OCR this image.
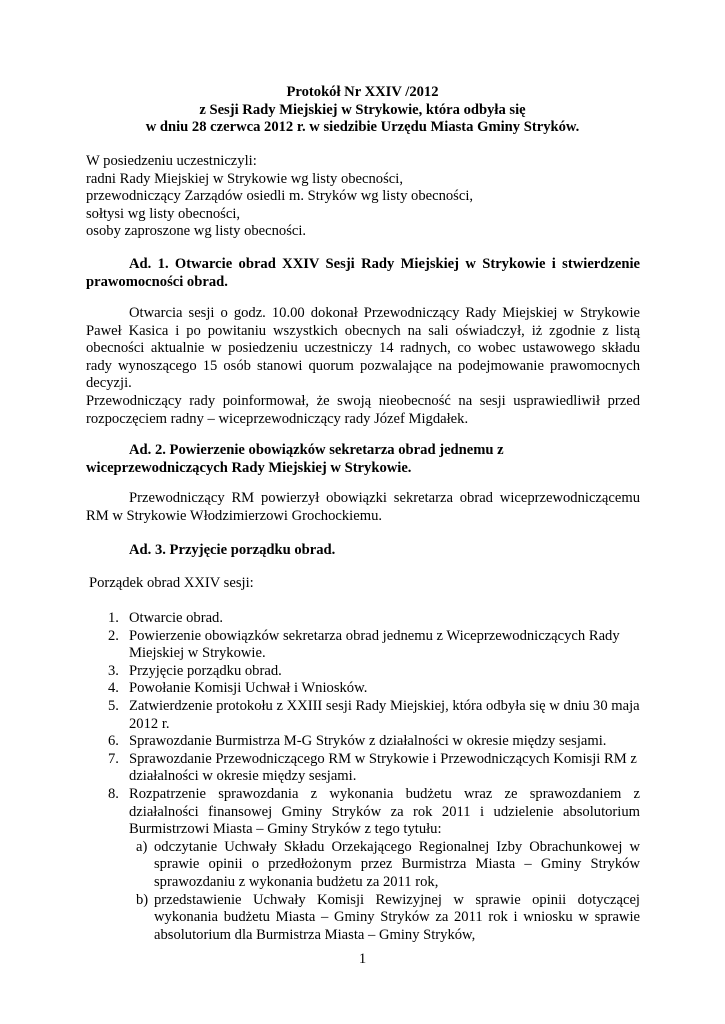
Protokół Nr XXIV /2012
z Sesji Rady Miejskiej w Strykowie, która odbyła się
w dniu 28 czerwca 2012 r. w siedzibie Urzędu Miasta Gminy Stryków.
W posiedzeniu uczestniczyli:
radni Rady Miejskiej w Strykowie wg listy obecności,
przewodniczący Zarządów osiedli m. Stryków wg listy obecności,
sołtysi wg listy obecności,
osoby zaproszone wg listy obecności.
Ad. 1. Otwarcie obrad XXIV Sesji Rady Miejskiej w Strykowie i stwierdzenie prawomocności obrad.
Otwarcia sesji o godz. 10.00 dokonał Przewodniczący Rady Miejskiej w Strykowie Paweł Kasica i po powitaniu wszystkich obecnych na sali oświadczył, iż zgodnie z listą obecności aktualnie w posiedzeniu uczestniczy 14 radnych, co wobec ustawowego składu rady wynoszącego 15 osób stanowi quorum pozwalające na podejmowanie prawomocnych decyzji.
Przewodniczący rady poinformował, że swoją nieobecność na sesji usprawiedliwił przed rozpoczęciem radny – wiceprzewodniczący rady Józef Migdałek.
Ad. 2. Powierzenie obowiązków sekretarza obrad jednemu z
wiceprzewodniczących Rady Miejskiej w Strykowie.
Przewodniczący RM powierzył obowiązki sekretarza obrad wiceprzewodniczącemu RM w Strykowie Włodzimierzowi Grochockiemu.
Ad. 3. Przyjęcie porządku obrad.
Porządek obrad XXIV sesji:
1. Otwarcie obrad.
2. Powierzenie obowiązków sekretarza obrad jednemu z Wiceprzewodniczących Rady Miejskiej w Strykowie.
3. Przyjęcie porządku obrad.
4. Powołanie Komisji Uchwał i Wniosków.
5. Zatwierdzenie protokołu z XXIII sesji Rady Miejskiej, która odbyła się w dniu 30 maja 2012 r.
6. Sprawozdanie Burmistrza M-G Stryków z działalności w okresie między sesjami.
7. Sprawozdanie Przewodniczącego RM w Strykowie i Przewodniczących Komisji RM z działalności w okresie między sesjami.
8. Rozpatrzenie sprawozdania z wykonania budżetu wraz ze sprawozdaniem z działalności finansowej Gminy Stryków za rok 2011 i udzielenie absolutorium Burmistrzowi Miasta – Gminy Stryków z tego tytułu:
a) odczytanie Uchwały Składu Orzekającego Regionalnej Izby Obrachunkowej w sprawie opinii o przedłożonym przez Burmistrza Miasta – Gminy Stryków sprawozdaniu z wykonania budżetu za 2011 rok,
b) przedstawienie Uchwały Komisji Rewizyjnej w sprawie opinii dotyczącej wykonania budżetu Miasta – Gminy Stryków za 2011 rok i wniosku w sprawie absolutorium dla Burmistrza Miasta – Gminy Stryków,
1
